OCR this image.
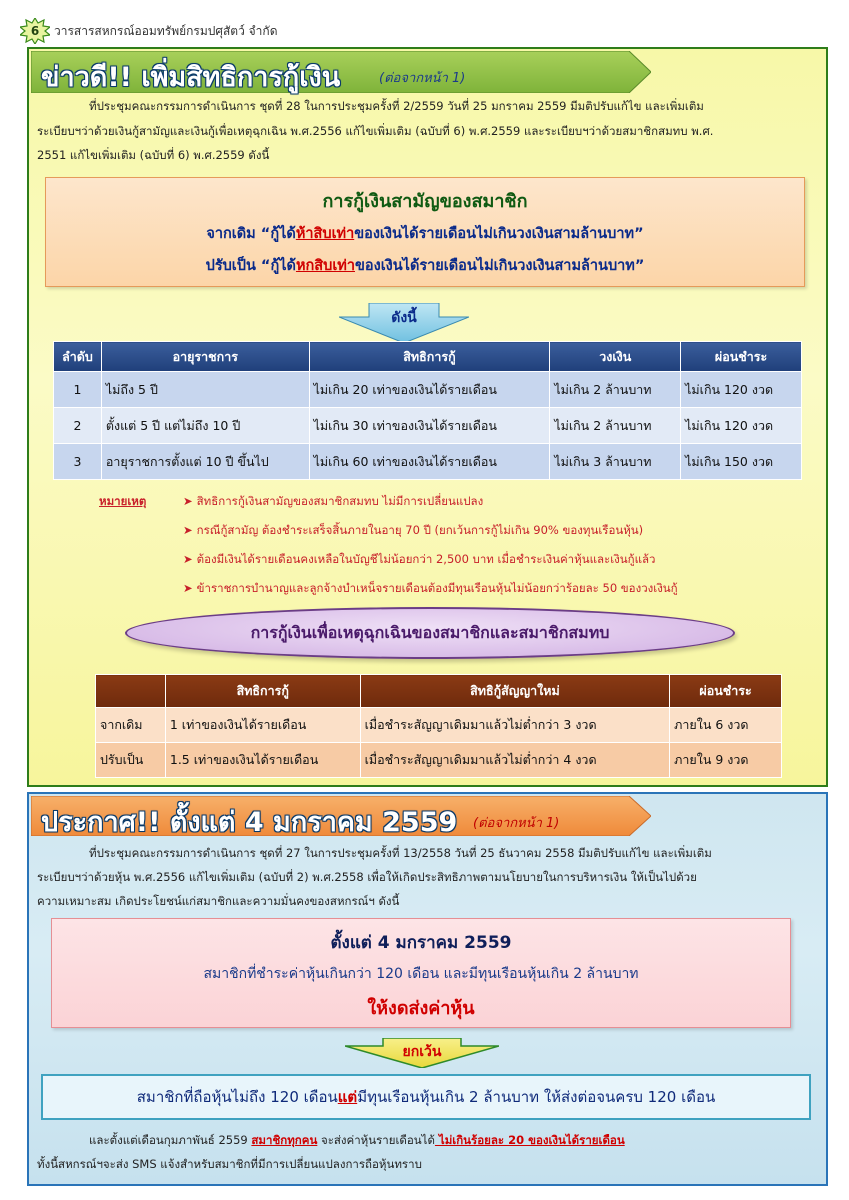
6 วารสารสหกรณ์ออมทรัพย์กรมปศุสัตว์ จำกัด
ข่าวดี!! เพิ่มสิทธิการกู้เงิน	(ต่อจากหน้า 1)
ที่ประชุมคณะกรรมการดำเนินการ ชุดที่ 28 ในการประชุมครั้งที่ 2/2559 วันที่ 25 มกราคม 2559 มีมติปรับแก้ไข และเพิ่มเติม
ระเบียบฯว่าด้วยเงินกู้สามัญและเงินกู้เพื่อเหตุฉุกเฉิน พ.ศ.2556 แก้ไขเพิ่มเติม (ฉบับที่ 6) พ.ศ.2559 และระเบียบฯว่าด้วยสมาชิกสมทบ พ.ศ.
2551 แก้ไขเพิ่มเติม (ฉบับที่ 6) พ.ศ.2559 ดังนี้
การกู้เงินสามัญของสมาชิก
จากเดิม “กู้ได้ห้าสิบเท่าของเงินได้รายเดือนไม่เกินวงเงินสามล้านบาท”
ปรับเป็น “กู้ได้หกสิบเท่าของเงินได้รายเดือนไม่เกินวงเงินสามล้านบาท”
ดังนี้
ลำดับ	อายุราชการ	สิทธิการกู้	วงเงิน	ผ่อนชำระ
1	ไม่ถึง 5 ปี	ไม่เกิน 20 เท่าของเงินได้รายเดือน	ไม่เกิน 2 ล้านบาท	ไม่เกิน 120 งวด
2	ตั้งแต่ 5 ปี แต่ไม่ถึง 10 ปี	ไม่เกิน 30 เท่าของเงินได้รายเดือน	ไม่เกิน 2 ล้านบาท	ไม่เกิน 120 งวด
3	อายุราชการตั้งแต่ 10 ปี ขึ้นไป	ไม่เกิน 60 เท่าของเงินได้รายเดือน	ไม่เกิน 3 ล้านบาท	ไม่เกิน 150 งวด
หมายเหตุ	➤ สิทธิการกู้เงินสามัญของสมาชิกสมทบ ไม่มีการเปลี่ยนแปลง
➤ กรณีกู้สามัญ ต้องชำระเสร็จสิ้นภายในอายุ 70 ปี (ยกเว้นการกู้ไม่เกิน 90% ของทุนเรือนหุ้น)
➤ ต้องมีเงินได้รายเดือนคงเหลือในบัญชีไม่น้อยกว่า 2,500 บาท เมื่อชำระเงินค่าหุ้นและเงินกู้แล้ว
➤ ข้าราชการบำนาญและลูกจ้างบำเหน็จรายเดือนต้องมีทุนเรือนหุ้นไม่น้อยกว่าร้อยละ 50 ของวงเงินกู้
การกู้เงินเพื่อเหตุฉุกเฉินของสมาชิกและสมาชิกสมทบ
	สิทธิการกู้	สิทธิกู้สัญญาใหม่	ผ่อนชำระ
จากเดิม	1 เท่าของเงินได้รายเดือน	เมื่อชำระสัญญาเดิมมาแล้วไม่ต่ำกว่า 3 งวด	ภายใน 6 งวด
ปรับเป็น	1.5 เท่าของเงินได้รายเดือน	เมื่อชำระสัญญาเดิมมาแล้วไม่ต่ำกว่า 4 งวด	ภายใน 9 งวด
ประกาศ!! ตั้งแต่ 4 มกราคม 2559 (ต่อจากหน้า 1)
ที่ประชุมคณะกรรมการดำเนินการ ชุดที่ 27 ในการประชุมครั้งที่ 13/2558 วันที่ 25 ธันวาคม 2558 มีมติปรับแก้ไข และเพิ่มเติม
ระเบียบฯว่าด้วยหุ้น พ.ศ.2556 แก้ไขเพิ่มเติม (ฉบับที่ 2) พ.ศ.2558 เพื่อให้เกิดประสิทธิภาพตามนโยบายในการบริหารเงิน ให้เป็นไปด้วย
ความเหมาะสม เกิดประโยชน์แก่สมาชิกและความมั่นคงของสหกรณ์ฯ ดังนี้
ตั้งแต่ 4 มกราคม 2559
สมาชิกที่ชำระค่าหุ้นเกินกว่า 120 เดือน และมีทุนเรือนหุ้นเกิน 2 ล้านบาท
ให้งดส่งค่าหุ้น
ยกเว้น
สมาชิกที่ถือหุ้นไม่ถึง 120 เดือน แต่ มีทุนเรือนหุ้นเกิน 2 ล้านบาท ให้ส่งต่อจนครบ 120 เดือน
และตั้งแต่เดือนกุมภาพันธ์ 2559 สมาชิกทุกคน จะส่งค่าหุ้นรายเดือนได้ ไม่เกินร้อยละ 20 ของเงินได้รายเดือน
ทั้งนี้สหกรณ์ฯจะส่ง SMS แจ้งสำหรับสมาชิกที่มีการเปลี่ยนแปลงการถือหุ้นทราบ
